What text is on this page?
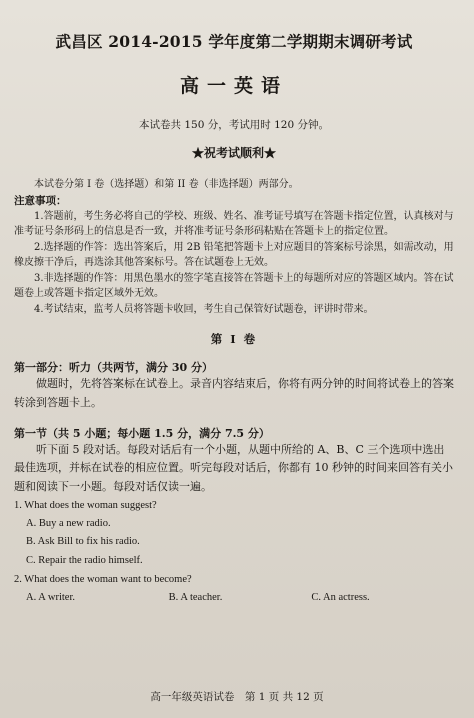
武昌区 2014-2015 学年度第二学期期末调研考试
高一英语
本试卷共 150 分，考试用时 120 分钟。
★祝考试顺利★
本试卷分第 I 卷（选择题）和第 II 卷（非选择题）两部分。
注意事项：
1.答题前，考生务必将自己的学校、班级、姓名、准考证号填写在答题卡指定位置，认真核对与准考证号条形码上的信息是否一致，并将准考证号条形码粘贴在答题卡上的指定位置。
2.选择题的作答：选出答案后，用 2B 铅笔把答题卡上对应题目的答案标号涂黑，如需改动，用橡皮擦干净后，再选涂其他答案标号。答在试题卷上无效。
3.非选择题的作答：用黑色墨水的签字笔直接答在答题卡上的每题所对应的答题区域内。答在试题卷上或答题卡指定区域外无效。
4.考试结束，监考人员将答题卡收回，考生自己保管好试题卷，评讲时带来。
第 I 卷
第一部分：听力（共两节，满分 30 分）
做题时，先将答案标在试卷上。录音内容结束后，你将有两分钟的时间将试卷上的答案转涂到答题卡上。
第一节（共 5 小题；每小题 1.5 分，满分 7.5 分）
听下面 5 段对话。每段对话后有一个小题，从题中所给的 A、B、C 三个选项中选出最佳选项，并标在试卷的相应位置。听完每段对话后，你都有 10 秒钟的时间来回答有关小题和阅读下一小题。每段对话仅读一遍。
1. What does the woman suggest?
A. Buy a new radio.
B. Ask Bill to fix his radio.
C. Repair the radio himself.
2. What does the woman want to become?
A. A writer.	B. A teacher.	C. An actress.
高一年级英语试卷　第 1 页 共 12 页
